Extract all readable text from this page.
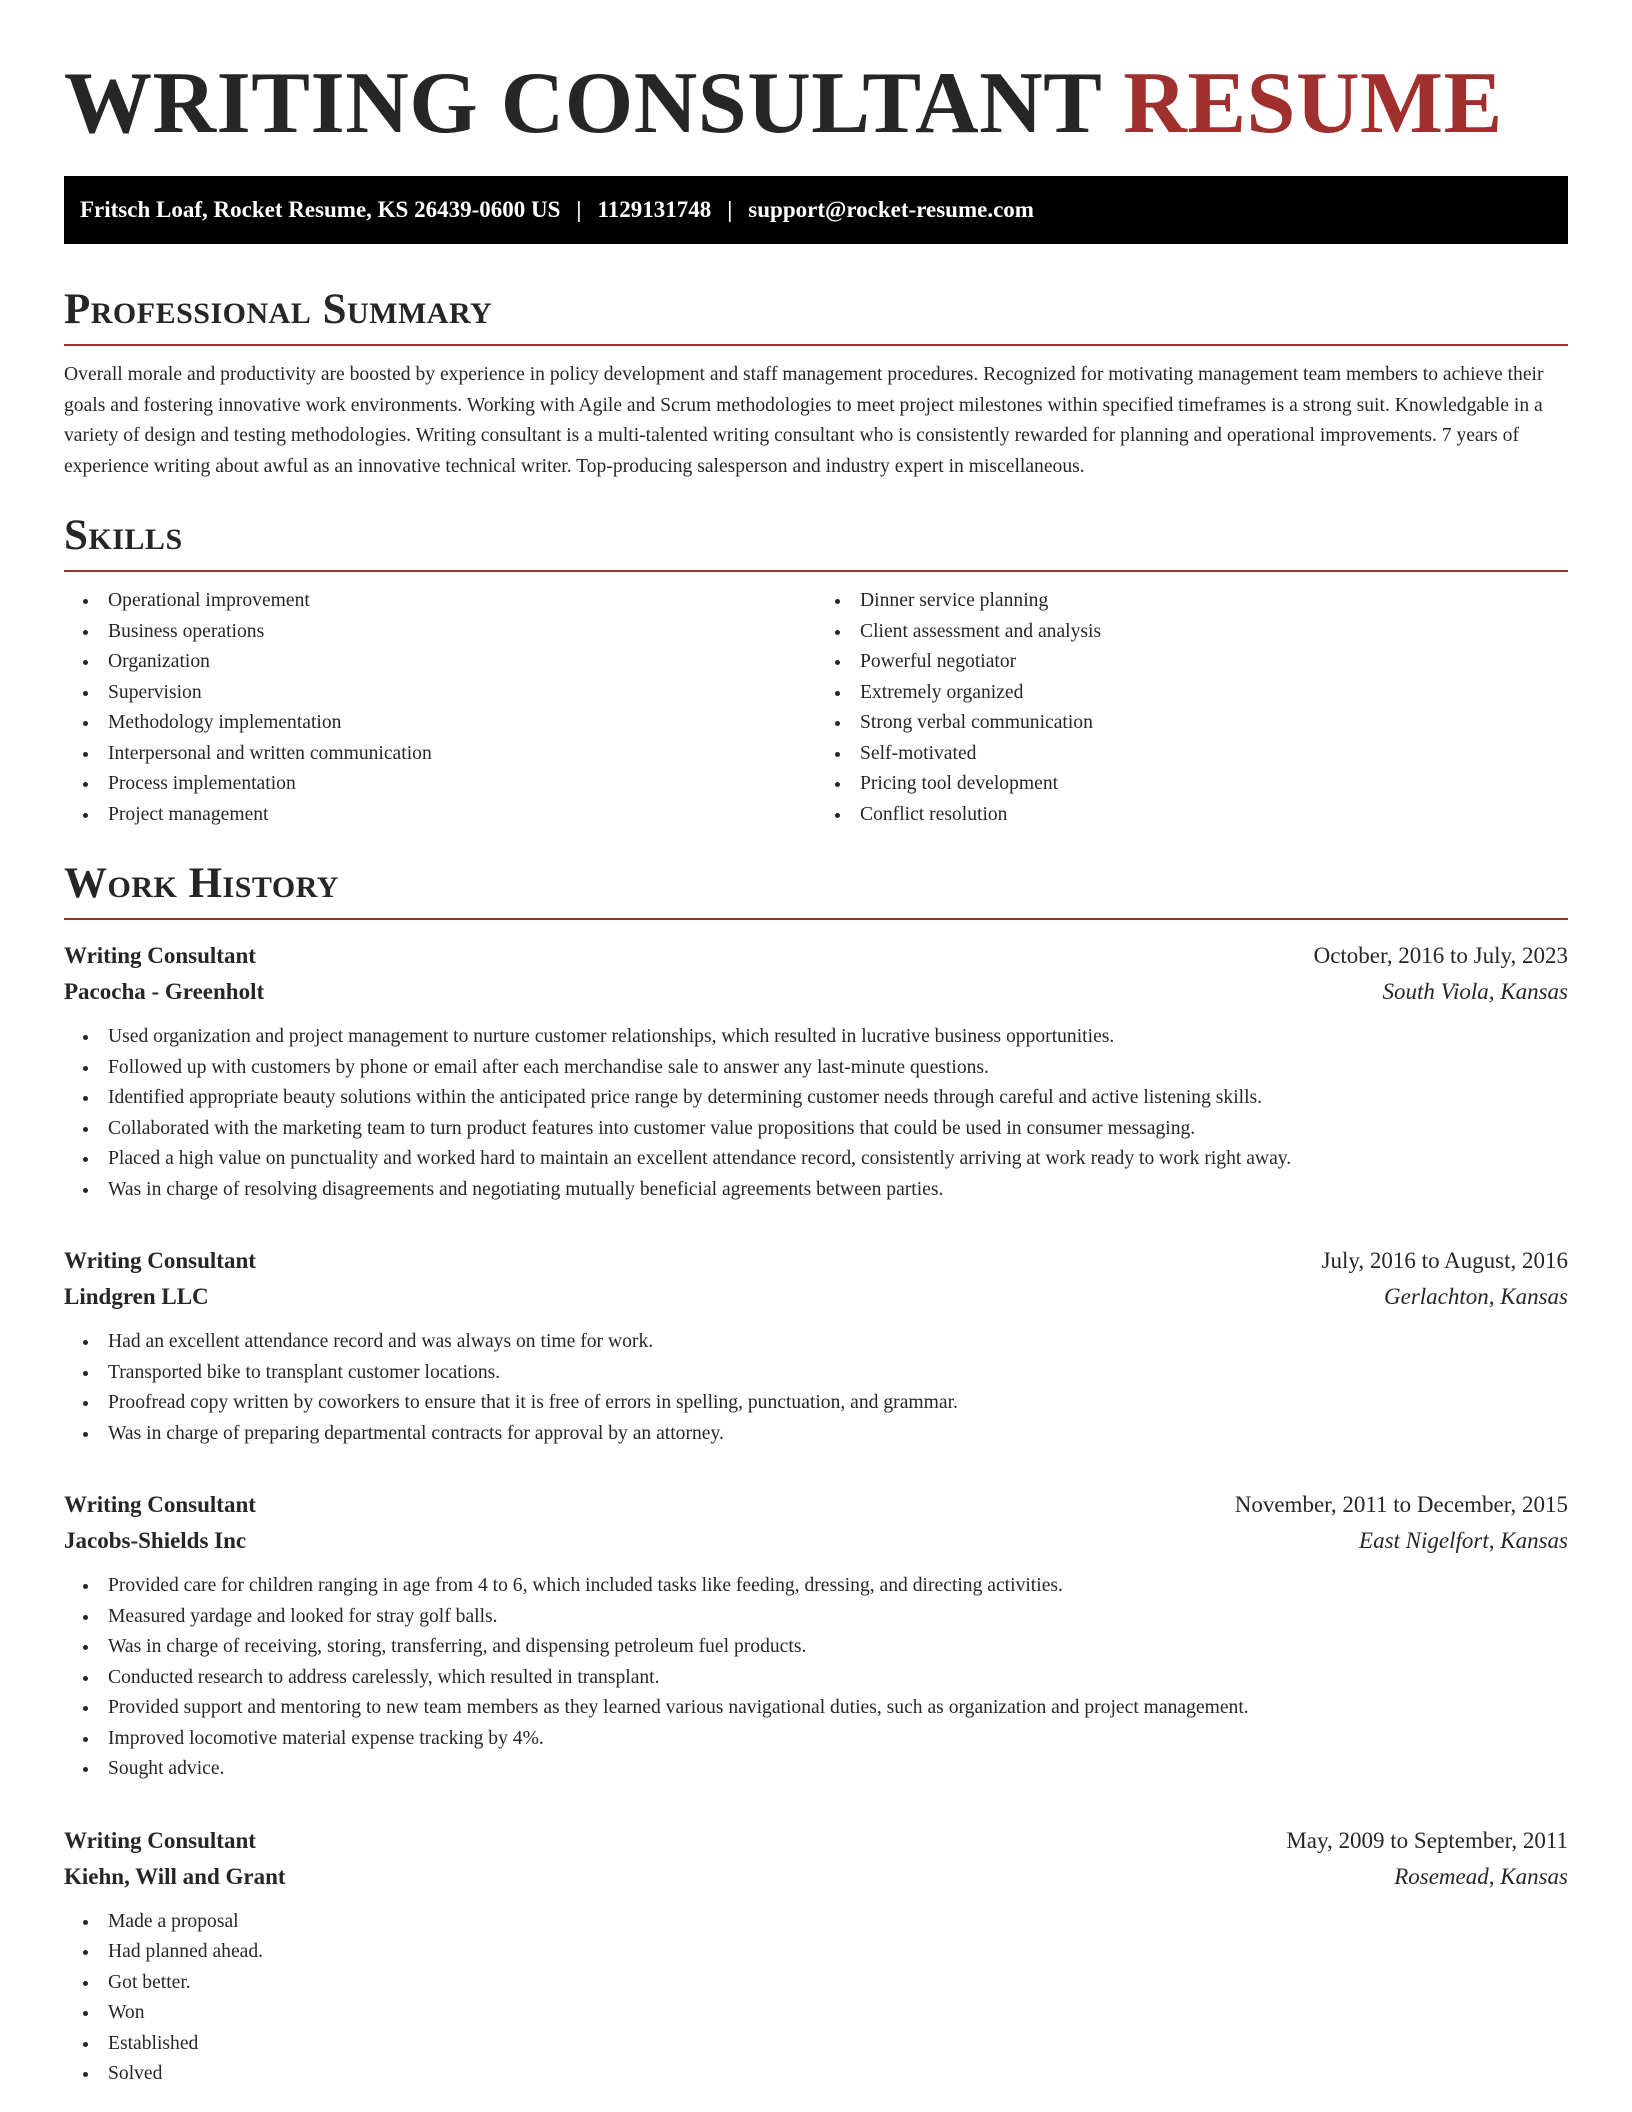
WRITING CONSULTANT RESUME
Fritsch Loaf, Rocket Resume, KS 26439-0600 US | 1129131748 | support@rocket-resume.com
Professional Summary

Overall morale and productivity are boosted by experience in policy development and staff management procedures. Recognized for motivating management team members to achieve their goals and fostering innovative work environments. Working with Agile and Scrum methodologies to meet project milestones within specified timeframes is a strong suit. Knowledgable in a variety of design and testing methodologies. Writing consultant is a multi-talented writing consultant who is consistently rewarded for planning and operational improvements. 7 years of experience writing about awful as an innovative technical writer. Top-producing salesperson and industry expert in miscellaneous.

Skills
Operational improvement
Business operations
Organization
Supervision
Methodology implementation
Interpersonal and written communication
Process implementation
Project management
Dinner service planning
Client assessment and analysis
Powerful negotiator
Extremely organized
Strong verbal communication
Self-motivated
Pricing tool development
Conflict resolution
Work History
Writing Consultant	October, 2016 to July, 2023
Pacocha - Greenholt	South Viola, Kansas
Used organization and project management to nurture customer relationships, which resulted in lucrative business opportunities.
Followed up with customers by phone or email after each merchandise sale to answer any last-minute questions.
Identified appropriate beauty solutions within the anticipated price range by determining customer needs through careful and active listening skills.
Collaborated with the marketing team to turn product features into customer value propositions that could be used in consumer messaging.
Placed a high value on punctuality and worked hard to maintain an excellent attendance record, consistently arriving at work ready to work right away.
Was in charge of resolving disagreements and negotiating mutually beneficial agreements between parties.
Writing Consultant	July, 2016 to August, 2016
Lindgren LLC	Gerlachton, Kansas
Had an excellent attendance record and was always on time for work.
Transported bike to transplant customer locations.
Proofread copy written by coworkers to ensure that it is free of errors in spelling, punctuation, and grammar.
Was in charge of preparing departmental contracts for approval by an attorney.
Writing Consultant	November, 2011 to December, 2015
Jacobs-Shields Inc	East Nigelfort, Kansas
Provided care for children ranging in age from 4 to 6, which included tasks like feeding, dressing, and directing activities.
Measured yardage and looked for stray golf balls.
Was in charge of receiving, storing, transferring, and dispensing petroleum fuel products.
Conducted research to address carelessly, which resulted in transplant.
Provided support and mentoring to new team members as they learned various navigational duties, such as organization and project management.
Improved locomotive material expense tracking by 4%.
Sought advice.
Writing Consultant	May, 2009 to September, 2011
Kiehn, Will and Grant	Rosemead, Kansas
Made a proposal
Had planned ahead.
Got better.
Won
Established
Solved
